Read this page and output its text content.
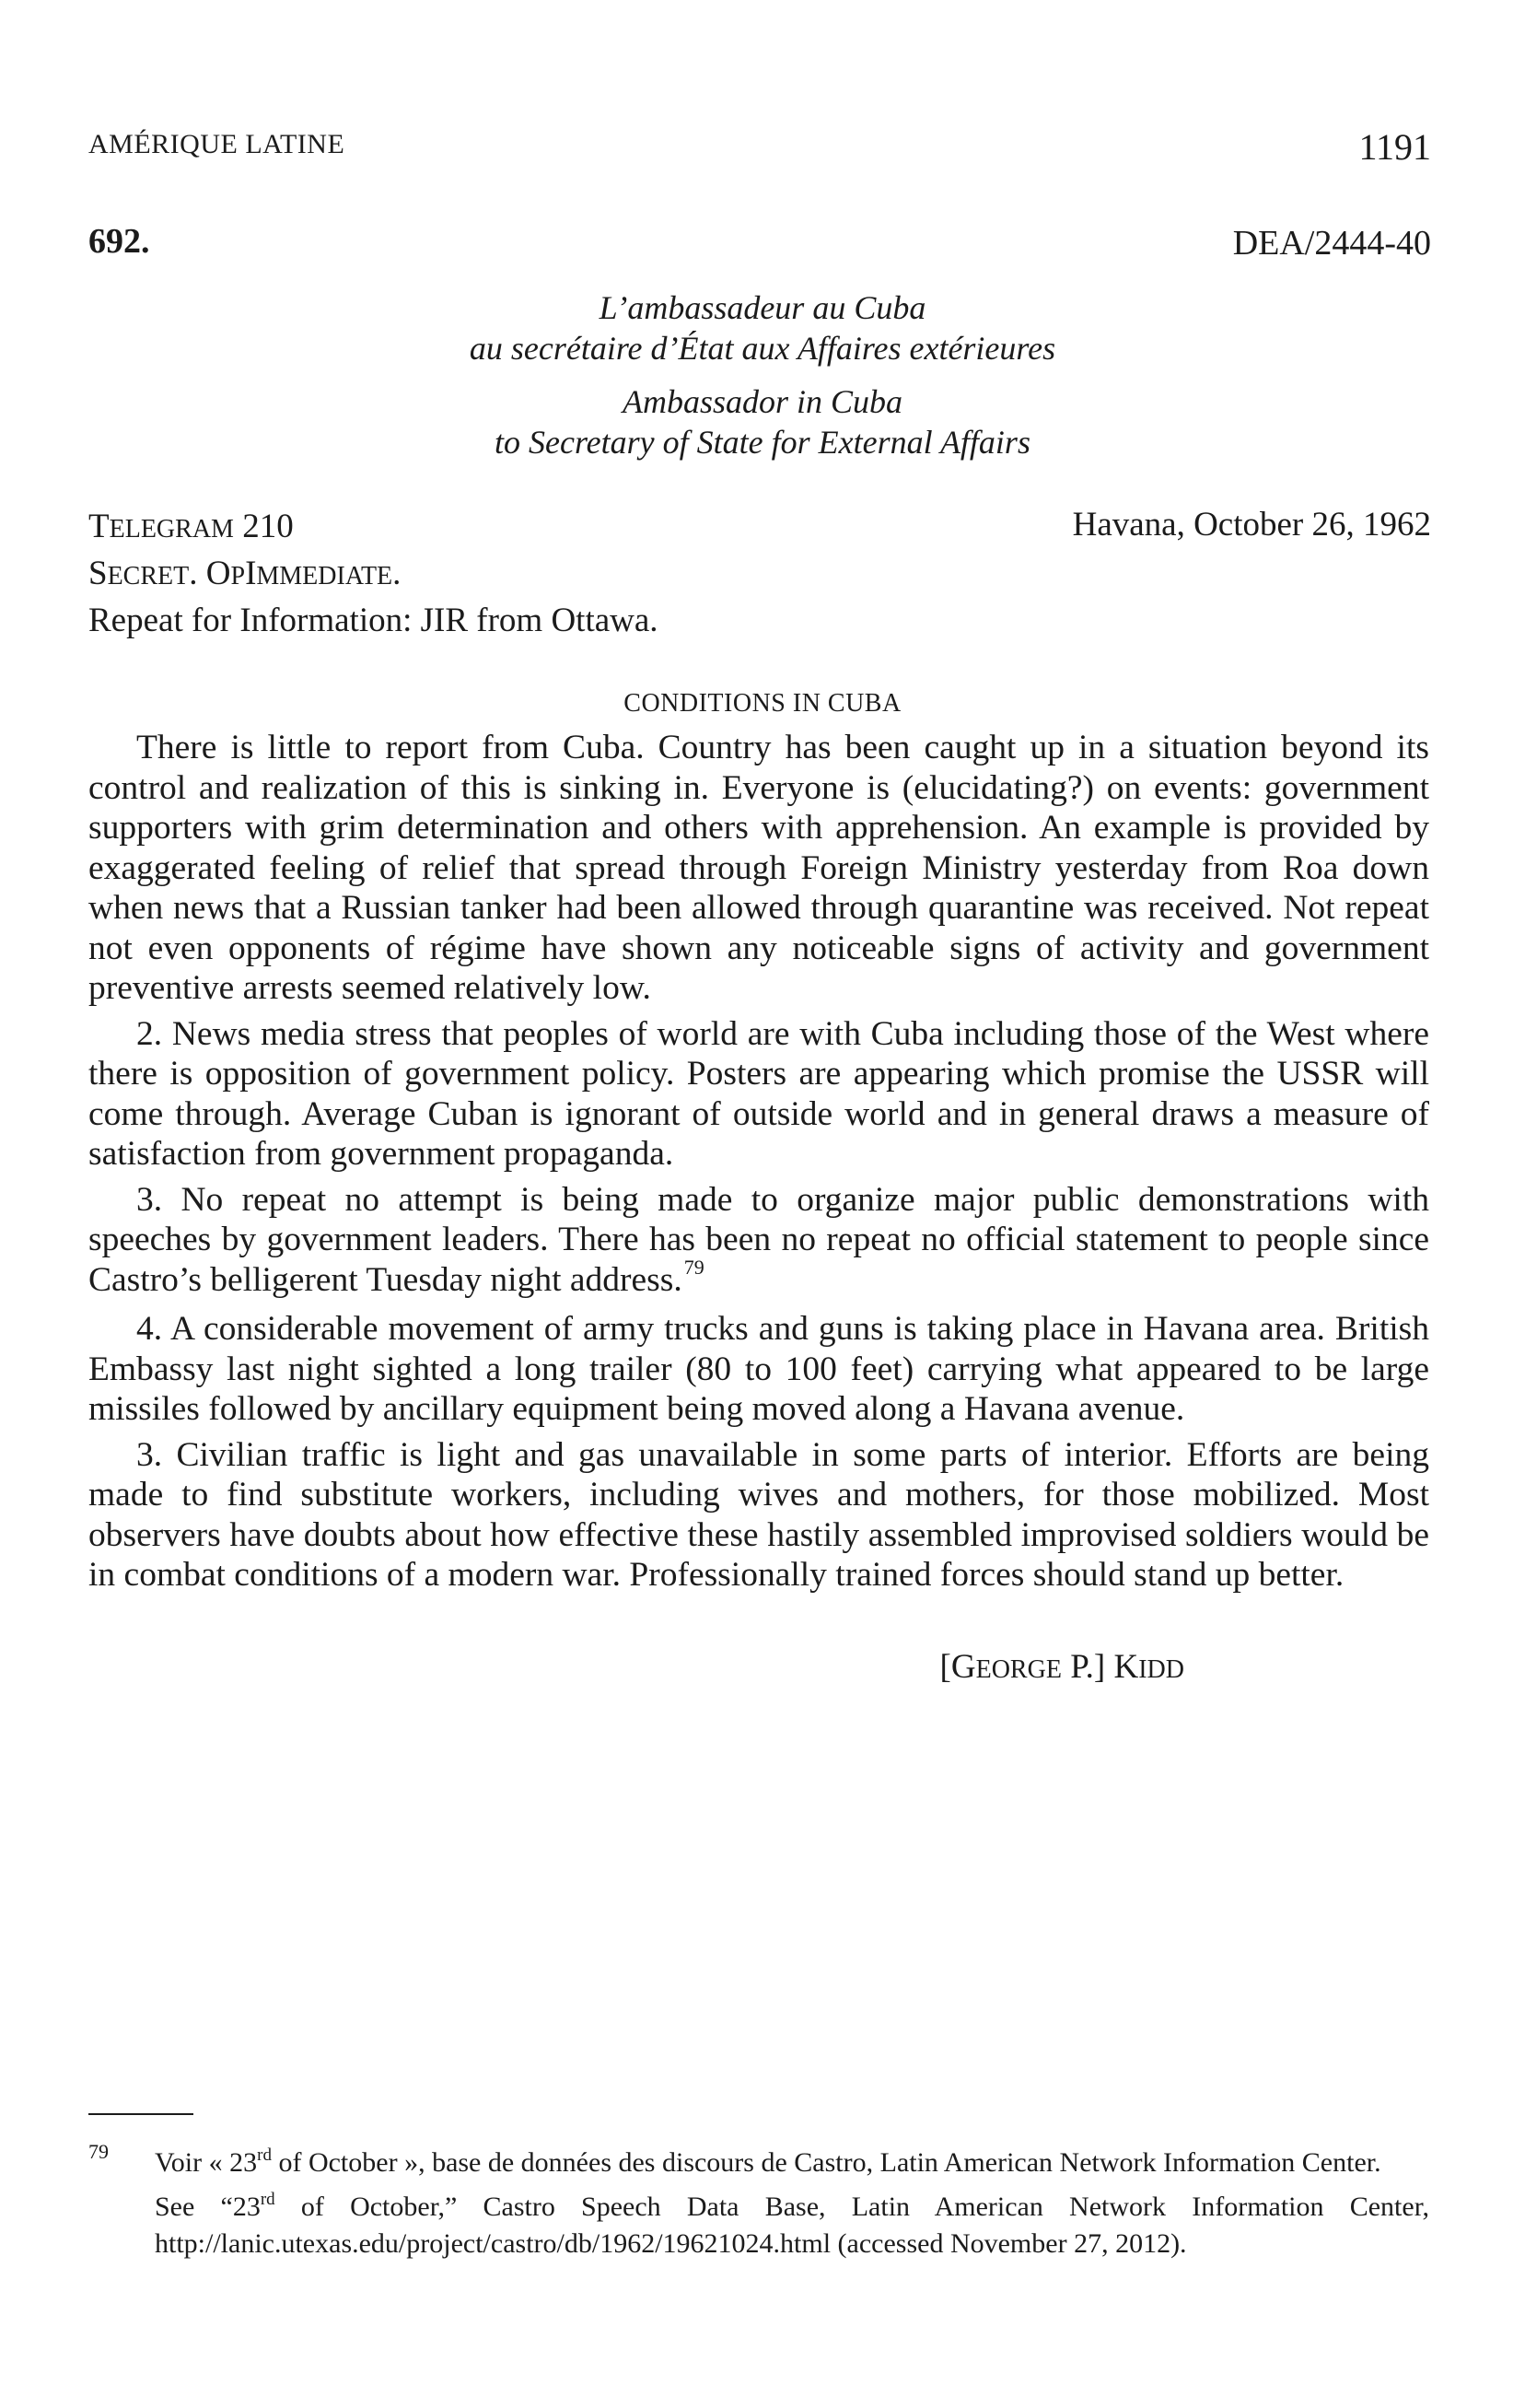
AMÉRIQUE LATINE	1191
692.	DEA/2444-40
L’ambassadeur au Cuba
au secrétaire d’État aux Affaires extérieures
Ambassador in Cuba
to Secretary of State for External Affairs
TELEGRAM 210
SECRET. OPIMMEDIATE.
Repeat for Information: JIR from Ottawa.
Havana, October 26, 1962
CONDITIONS IN CUBA

There is little to report from Cuba. Country has been caught up in a situation beyond its control and realization of this is sinking in. Everyone is (elucidating?) on events: government supporters with grim determination and others with apprehension. An example is provided by exaggerated feeling of relief that spread through Foreign Ministry yesterday from Roa down when news that a Russian tanker had been allowed through quarantine was received. Not repeat not even opponents of régime have shown any noticeable signs of activity and government preventive arrests seemed relatively low.

2. News media stress that peoples of world are with Cuba including those of the West where there is opposition of government policy. Posters are appearing which promise the USSR will come through. Average Cuban is ignorant of outside world and in general draws a measure of satisfaction from government propaganda.

3. No repeat no attempt is being made to organize major public demonstrations with speeches by government leaders. There has been no repeat no official statement to people since Castro’s belligerent Tuesday night address.$^{79}$

4. A considerable movement of army trucks and guns is taking place in Havana area. British Embassy last night sighted a long trailer (80 to 100 feet) carrying what appeared to be large missiles followed by ancillary equipment being moved along a Havana avenue.

3. Civilian traffic is light and gas unavailable in some parts of interior. Efforts are being made to find substitute workers, including wives and mothers, for those mobilized. Most observers have doubts about how effective these hastily assembled improvised soldiers would be in combat conditions of a modern war. Professionally trained forces should stand up better.

[GEORGE P.] KIDD

79 Voir « 23rd of October », base de données des discours de Castro, Latin American Network Information Center.

See “23rd of October,” Castro Speech Data Base, Latin American Network Information Center, http://lanic.utexas.edu/project/castro/db/1962/19621024.html (accessed November 27, 2012).
